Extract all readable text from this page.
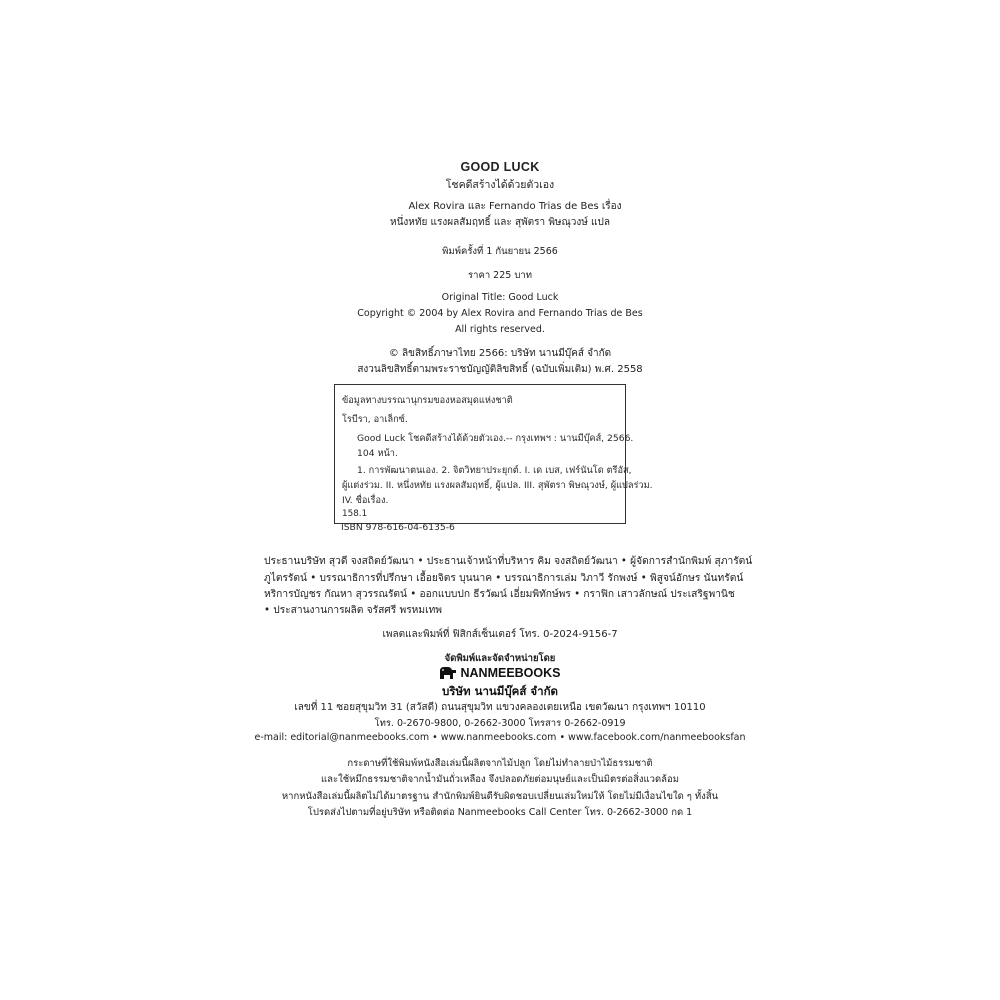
GOOD LUCK
โชคดีสร้างได้ด้วยตัวเอง
Alex Rovira และ Fernando Trias de Bes เรื่อง
หนึ่งหทัย แรงผลสัมฤทธิ์ และ สุพัตรา พิษณุวงษ์ แปล
พิมพ์ครั้งที่ 1 กันยายน 2566
ราคา 225 บาท
Original Title: Good Luck
Copyright © 2004 by Alex Rovira and Fernando Trias de Bes
All rights reserved.
© ลิขสิทธิ์ภาษาไทย 2566: บริษัท นานมีบุ๊คส์ จำกัด
สงวนลิขสิทธิ์ตามพระราชบัญญัติลิขสิทธิ์ (ฉบับเพิ่มเติม) พ.ศ. 2558
ข้อมูลทางบรรณานุกรมของหอสมุดแห่งชาติ
โรบีรา, อาเล็กซ์.
Good Luck โชคดีสร้างได้ด้วยตัวเอง.-- กรุงเทพฯ : นานมีบุ๊คส์, 2566.
104 หน้า.
1. การพัฒนาตนเอง. 2. จิตวิทยาประยุกต์. I. เด เบส, เฟร์นันโด ตรีอัส,
ผู้แต่งร่วม. II. หนึ่งหทัย แรงผลสัมฤทธิ์, ผู้แปล. III. สุพัตรา พิษณุวงษ์, ผู้แปลร่วม.
IV. ชื่อเรื่อง.
158.1
ISBN 978-616-04-6135-6
ประธานบริษัท สุวดี จงสถิตย์วัฒนา • ประธานเจ้าหน้าที่บริหาร คิม จงสถิตย์วัฒนา • ผู้จัดการสำนักพิมพ์ สุภารัตน์
ภูไตรรัตน์ • บรรณาธิการที่ปรึกษา เอื้อยจิตร บุนนาค • บรรณาธิการเล่ม วิภาวี รักพงษ์ • พิสูจน์อักษร นันทรัตน์
หริการบัญชร กัณหา สุวรรณรัตน์ • ออกแบบปก ธีรวัฒน์ เอี่ยมพิทักษ์พร • กราฟิก เสาวลักษณ์ ประเสริฐพานิช
• ประสานงานการผลิต จรัสศรี พรหมเทพ
เพลตและพิมพ์ที่ ฟิสิกส์เซ็นเตอร์ โทร. 0-2024-9156-7
จัดพิมพ์และจัดจำหน่ายโดย
NANMEEBOOKS
บริษัท นานมีบุ๊คส์ จำกัด
เลขที่ 11 ซอยสุขุมวิท 31 (สวัสดี) ถนนสุขุมวิท แขวงคลองเตยเหนือ เขตวัฒนา กรุงเทพฯ 10110
โทร. 0-2670-9800, 0-2662-3000 โทรสาร 0-2662-0919
e-mail: editorial@nanmeebooks.com • www.nanmeebooks.com • www.facebook.com/nanmeebooksfan
กระดาษที่ใช้พิมพ์หนังสือเล่มนี้ผลิตจากไม้ปลูก โดยไม่ทำลายป่าไม้ธรรมชาติ
และใช้หมึกธรรมชาติจากน้ำมันถั่วเหลือง จึงปลอดภัยต่อมนุษย์และเป็นมิตรต่อสิ่งแวดล้อม
หากหนังสือเล่มนี้ผลิตไม่ได้มาตรฐาน สำนักพิมพ์ยินดีรับผิดชอบเปลี่ยนเล่มใหม่ให้ โดยไม่มีเงื่อนไขใด ๆ ทั้งสิ้น
โปรดส่งไปตามที่อยู่บริษัท หรือติดต่อ Nanmeebooks Call Center โทร. 0-2662-3000 กด 1
